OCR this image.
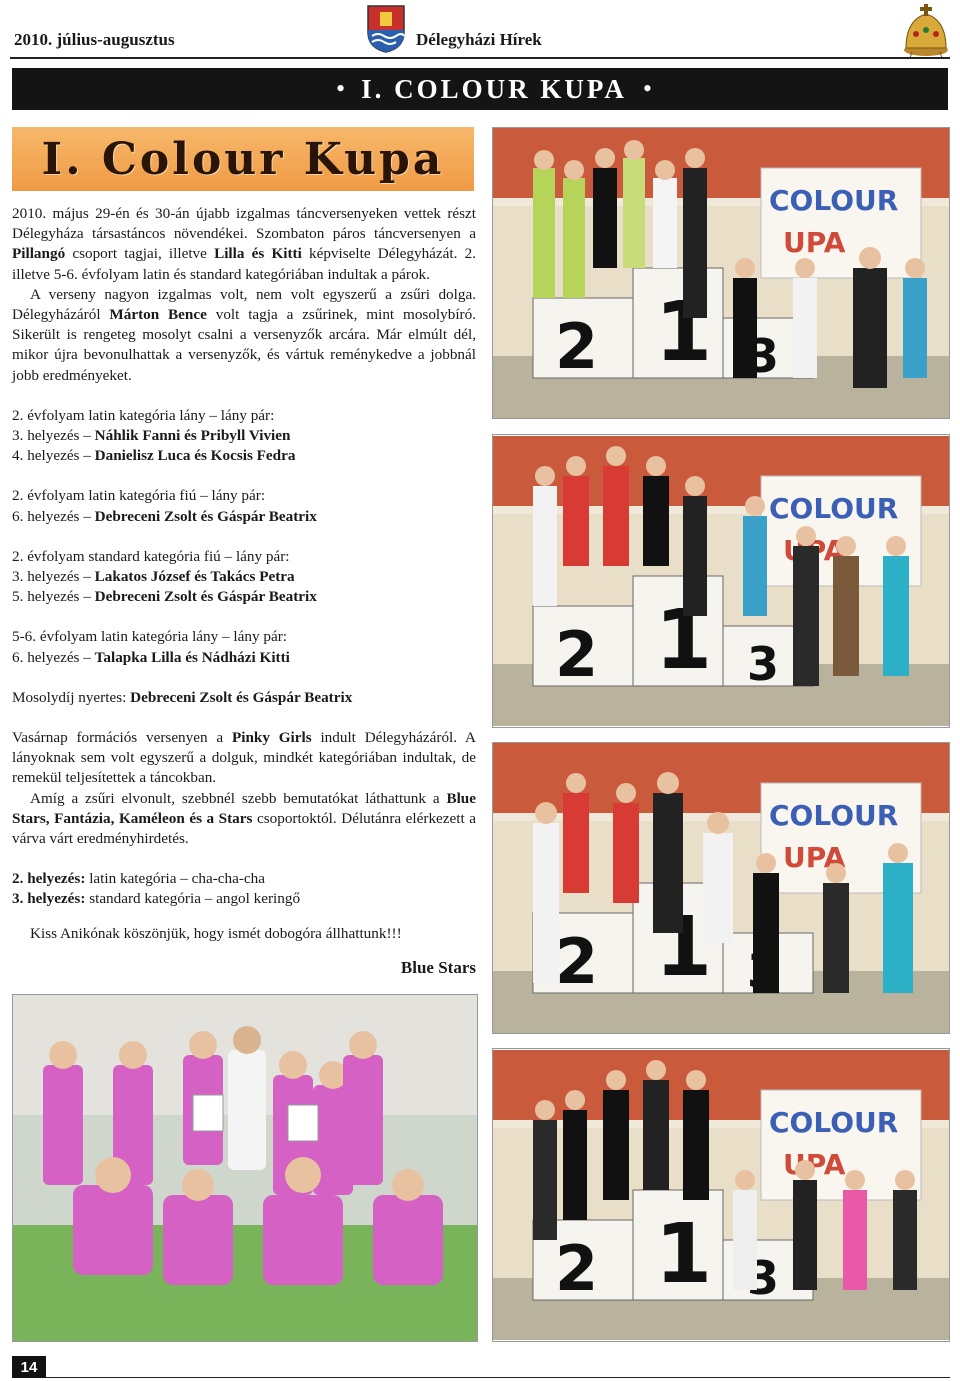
2010. július-augusztus	Délegyházi Hírek
• I. COLOUR KUPA •
I. Colour Kupa

2010. május 29-én és 30-án újabb izgalmas táncversenyeken vettek részt Délegyháza társastáncos növendékei. Szombaton páros táncversenyen a Pillangó csoport tagjai, illetve Lilla és Kitti képviselte Délegyházát. 2. illetve 5-6. évfolyam latin és standard kategóriában indultak a párok.

A verseny nagyon izgalmas volt, nem volt egyszerű a zsűri dolga. Délegyházáról Márton Bence volt tagja a zsűrinek, mint mosolybíró. Sikerült is rengeteg mosolyt csalni a versenyzők arcára. Már elmúlt dél, mikor újra bevonulhattak a versenyzők, és vártuk reménykedve a jobbnál jobb eredményeket.

2. évfolyam latin kategória lány – lány pár:

3. helyezés – Náhlik Fanni és Pribyll Vivien

4. helyezés – Danielisz Luca és Kocsis Fedra

2. évfolyam latin kategória fiú – lány pár:

6. helyezés – Debreceni Zsolt és Gáspár Beatrix

2. évfolyam standard kategória fiú – lány pár:

3. helyezés – Lakatos József és Takács Petra

5. helyezés – Debreceni Zsolt és Gáspár Beatrix

5-6. évfolyam latin kategória lány – lány pár:

6. helyezés – Talapka Lilla és Nádházi Kitti

Mosolydíj nyertes: Debreceni Zsolt és Gáspár Beatrix

Vasárnap formációs versenyen a Pinky Girls indult Délegyházáról. A lányoknak sem volt egyszerű a dolguk, mindkét kategóriában indultak, de remekül teljesítettek a táncokban.

Amíg a zsűri elvonult, szebbnél szebb bemutatókat láthattunk a Blue Stars, Fantázia, Kaméleon és a Stars csoportoktól. Délutánra elérkezett a várva várt eredményhirdetés.

2. helyezés: latin kategória – cha-cha-cha

3. helyezés: standard kategória – angol keringő

Kiss Anikónak köszönjük, hogy ismét dobogóra állhattunk!!!

Blue Stars

14
